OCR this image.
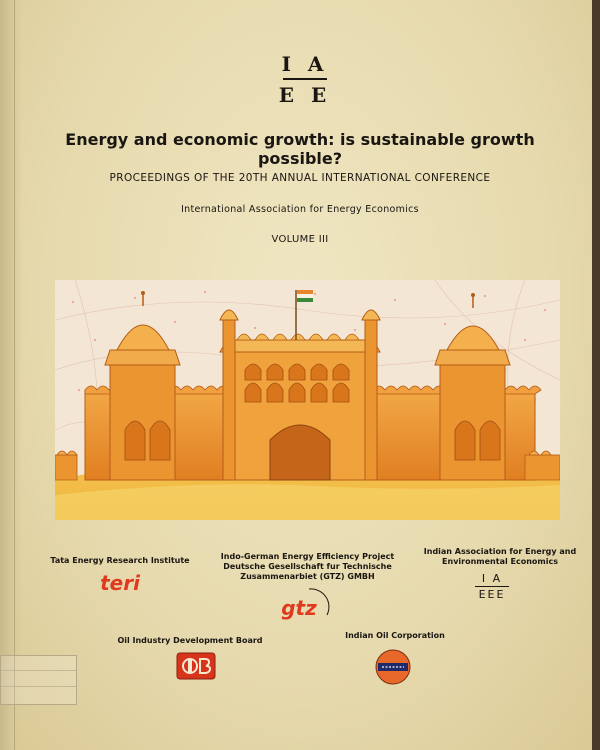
I A
E E
Energy and economic growth: is sustainable growth possible?
PROCEEDINGS OF THE 20TH ANNUAL INTERNATIONAL CONFERENCE
International Association for Energy Economics
VOLUME III
Tata Energy Research Institute
teri
Indo-German Energy Efficiency Project
Deutsche Gesellschaft fur Technische
Zusammenarbiet (GTZ) GMBH
gtz
Indian Association for Energy and
Environmental Economics
I A
EEE
Oil Industry Development Board
Indian Oil Corporation
